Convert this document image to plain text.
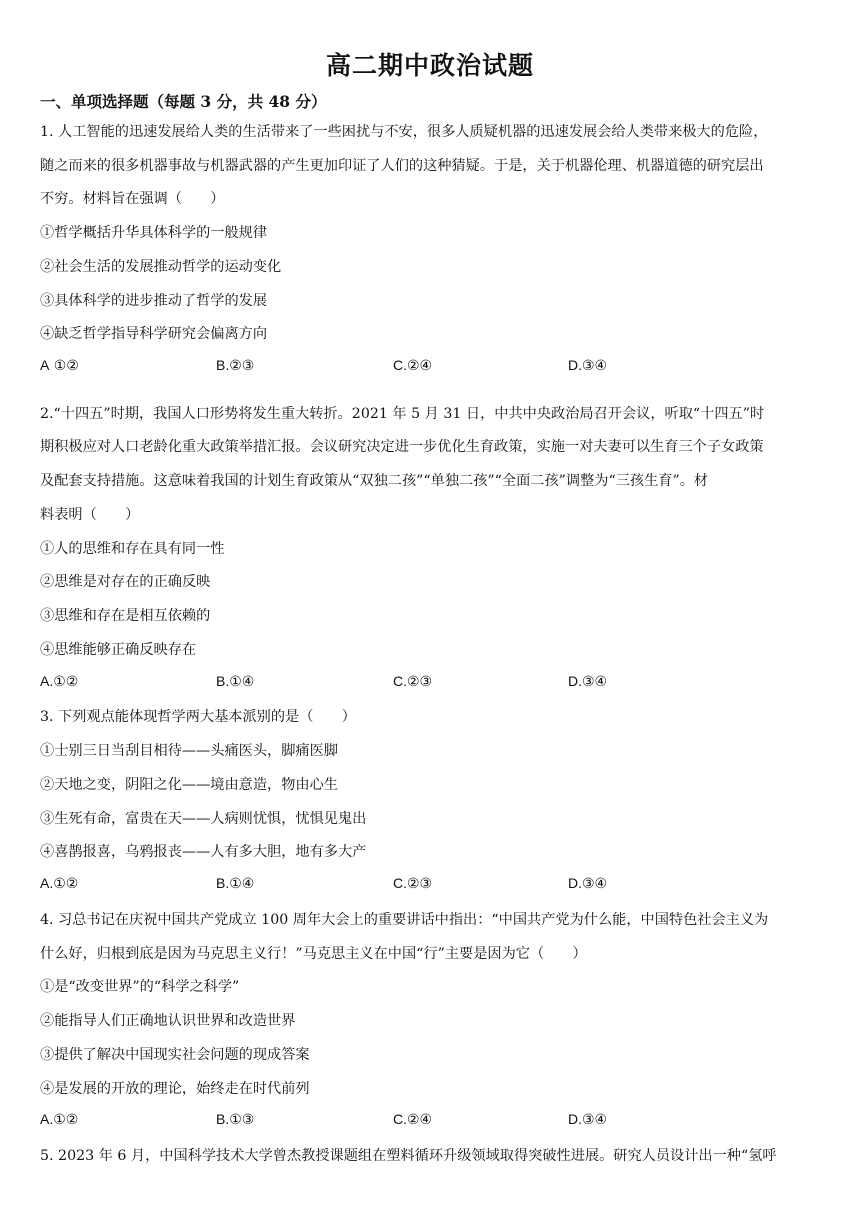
高二期中政治试题
一、单项选择题（每题 3 分，共 48 分）
1. 人工智能的迅速发展给人类的生活带来了一些困扰与不安，很多人质疑机器的迅速发展会给人类带来极大的危险，
随之而来的很多机器事故与机器武器的产生更加印证了人们的这种猜疑。于是，关于机器伦理、机器道德的研究层出
不穷。材料旨在强调（　　）
①哲学概括升华具体科学的一般规律
②社会生活的发展推动哲学的运动变化
③具体科学的进步推动了哲学的发展
④缺乏哲学指导科学研究会偏离方向
A ①②	B.②③	C.②④	D.③④
2.“十四五”时期，我国人口形势将发生重大转折。2021 年 5 月 31 日，中共中央政治局召开会议，听取“十四五”时
期积极应对人口老龄化重大政策举措汇报。会议研究决定进一步优化生育政策，实施一对夫妻可以生育三个子女政策
及配套支持措施。这意味着我国的计划生育政策从“双独二孩”“单独二孩”“全面二孩”调整为“三孩生育”。材
料表明（　　）
①人的思维和存在具有同一性
②思维是对存在的正确反映
③思维和存在是相互依赖的
④思维能够正确反映存在
A.①②	B.①④	C.②③	D.③④
3. 下列观点能体现哲学两大基本派别的是（　　）
①士别三日当刮目相待——头痛医头，脚痛医脚
②天地之变，阴阳之化——境由意造，物由心生
③生死有命，富贵在天——人病则忧惧，忧惧见鬼出
④喜鹊报喜，乌鸦报丧——人有多大胆，地有多大产
A.①②	B.①④	C.②③	D.③④
4. 习总书记在庆祝中国共产党成立 100 周年大会上的重要讲话中指出：“中国共产党为什么能，中国特色社会主义为
什么好，归根到底是因为马克思主义行！”马克思主义在中国“行”主要是因为它（　　）
①是“改变世界”的“科学之科学”
②能指导人们正确地认识世界和改造世界
③提供了解决中国现实社会问题的现成答案
④是发展的开放的理论，始终走在时代前列
A.①②	B.①③	C.②④	D.③④
5. 2023 年 6 月，中国科学技术大学曾杰教授课题组在塑料循环升级领域取得突破性进展。研究人员设计出一种“氢呼
